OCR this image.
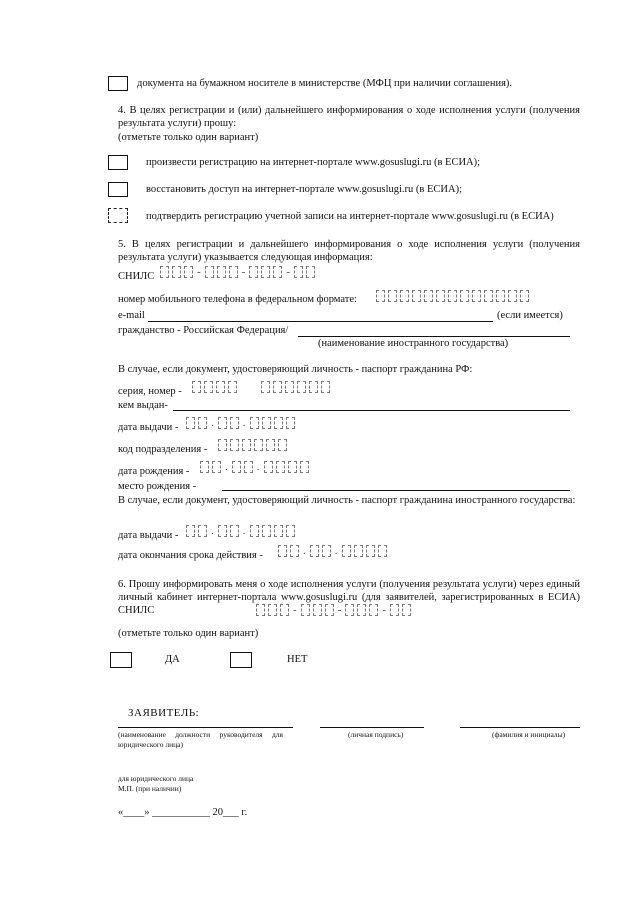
документа на бумажном носителе в министерстве (МФЦ при наличии соглашения).
4. В целях регистрации и (или) дальнейшего информирования о ходе исполнения услуги (получения результата услуги) прошу:
(отметьте только один вариант)
произвести регистрацию на интернет-портале www.gosuslugi.ru (в ЕСИА);
восстановить доступ на интернет-портале www.gosuslugi.ru (в ЕСИА);
подтвердить регистрацию учетной записи на интернет-портале www.gosuslugi.ru (в ЕСИА)
5. В целях регистрации и дальнейшего информирования о ходе исполнения услуги (получения результата услуги) указывается следующая информация:
СНИЛС	-	-	-
номер мобильного телефона в федеральном формате:
e-mail	(если имеется)
гражданство - Российская Федерация/
(наименование иностранного государства)
В случае, если документ, удостоверяющий личность - паспорт гражданина РФ:
серия, номер -
кем выдан-
дата выдачи -	.	.
код подразделения -
дата рождения -	.	.
место рождения -
В случае, если документ, удостоверяющий личность - паспорт гражданина иностранного государства:
дата выдачи -	.	.
дата окончания срока действия -	.	.
6. Прошу информировать меня о ходе исполнения услуги (получения результата услуги) через единый личный кабинет интернет-портала www.gosuslugi.ru (для заявителей, зарегистрированных в ЕСИА) СНИЛС	-	-	-
(отметьте только один вариант)
ДА	НЕТ
ЗАЯВИТЕЛЬ:
(наименование должности руководителя для юридического лица)
(личная подпись)	(фамилия и инициалы)
для юридического лица
М.П. (при наличии)
«____» ___________ 20___ г.
